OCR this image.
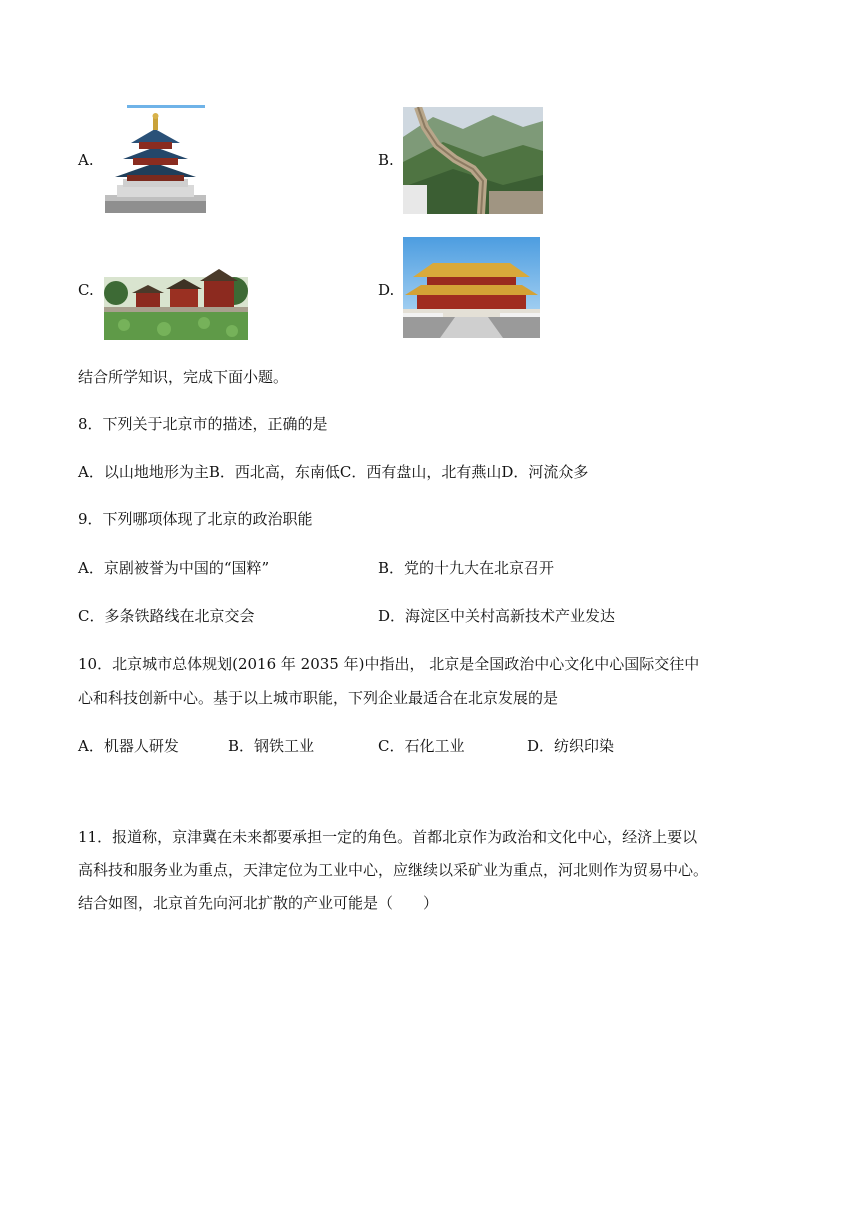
A.	B.
C.	D.
结合所学知识，完成下面小题。
8．下列关于北京市的描述，正确的是
A．以山地地形为主B．西北高，东南低C．西有盘山，北有燕山D．河流众多
9．下列哪项体现了北京的政治职能
A．京剧被誉为中国的“国粹”	B．党的十九大在北京召开
C．多条铁路线在北京交会	D．海淀区中关村高新技术产业发达
10．北京城市总体规划(2016 年 2035 年)中指出， 北京是全国政治中心文化中心国际交往中
心和科技创新中心。基于以上城市职能，下列企业最适合在北京发展的是
A．机器人研发	B．钢铁工业	C．石化工业	D．纺织印染
11．报道称，京津冀在未来都要承担一定的角色。首都北京作为政治和文化中心，经济上要以
高科技和服务业为重点，天津定位为工业中心，应继续以采矿业为重点，河北则作为贸易中心。
结合如图，北京首先向河北扩散的产业可能是（　　）
